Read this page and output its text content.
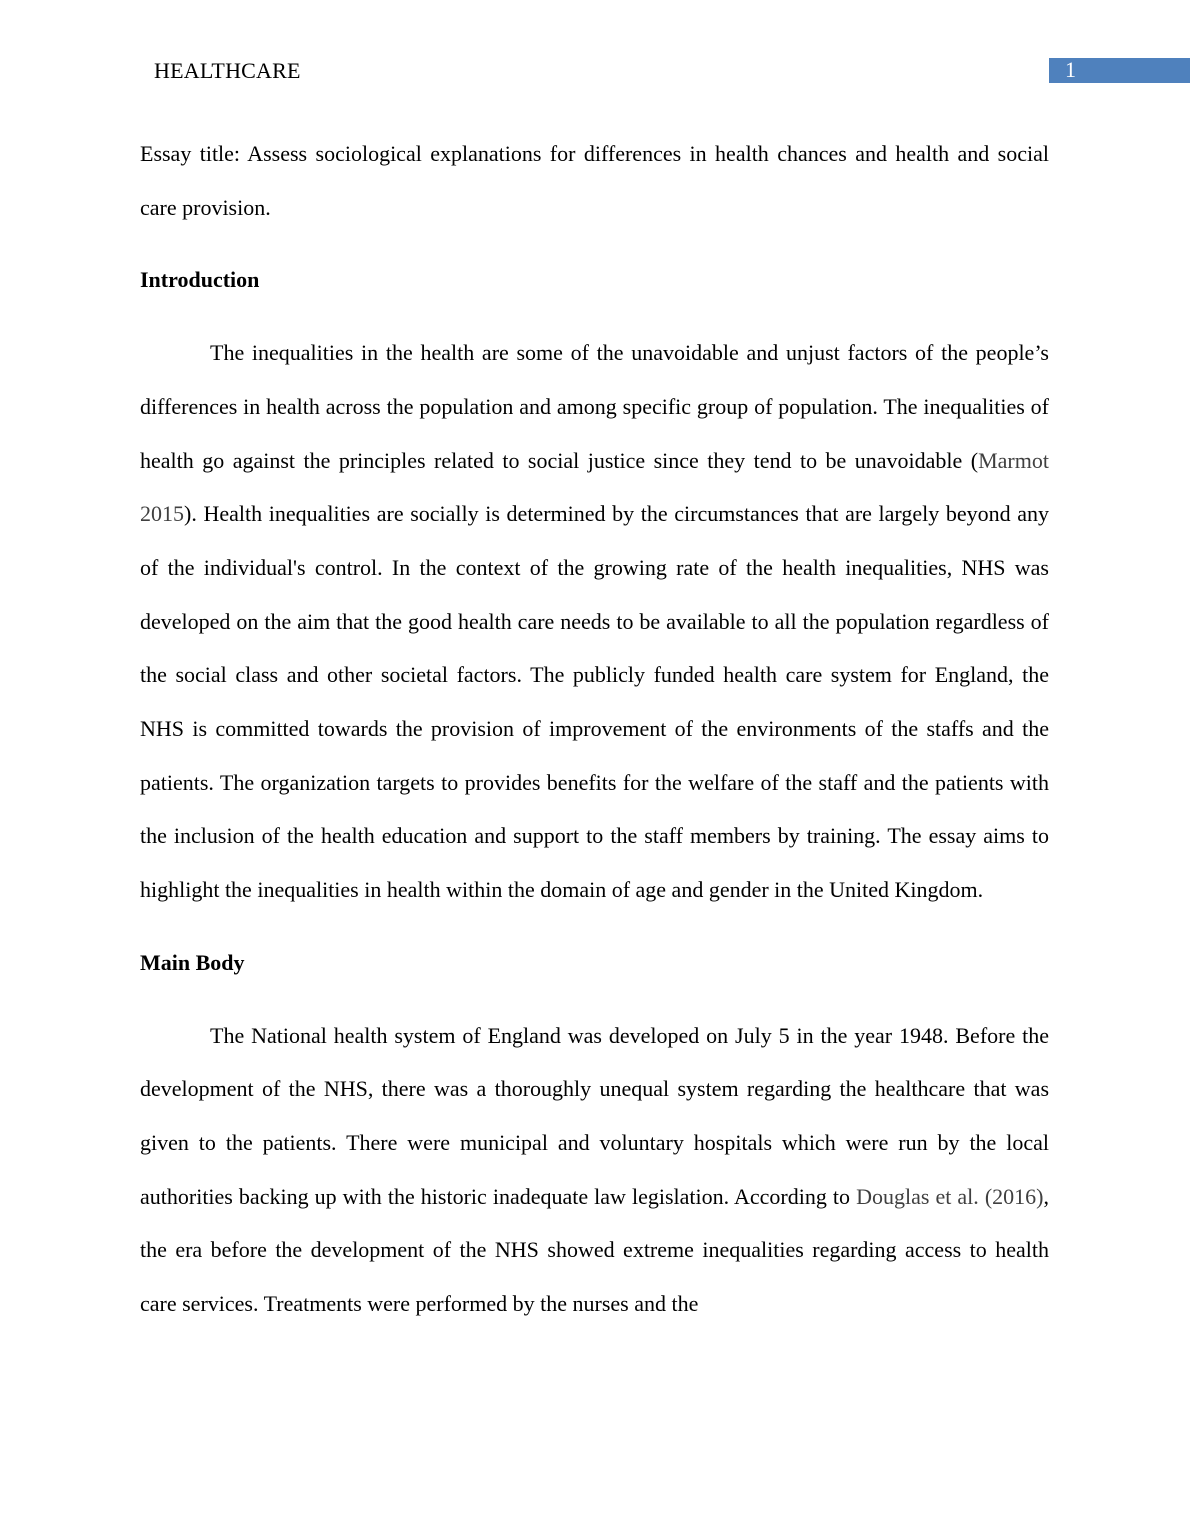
HEALTHCARE	1

Essay title: Assess sociological explanations for differences in health chances and health and social care provision.

Introduction

The inequalities in the health are some of the unavoidable and unjust factors of the people’s differences in health across the population and among specific group of population. The inequalities of health go against the principles related to social justice since they tend to be unavoidable (Marmot 2015). Health inequalities are socially is determined by the circumstances that are largely beyond any of the individual's control. In the context of the growing rate of the health inequalities, NHS was developed on the aim that the good health care needs to be available to all the population regardless of the social class and other societal factors. The publicly funded health care system for England, the NHS is committed towards the provision of improvement of the environments of the staffs and the patients. The organization targets to provides benefits for the welfare of the staff and the patients with the inclusion of the health education and support to the staff members by training. The essay aims to highlight the inequalities in health within the domain of age and gender in the United Kingdom.

Main Body

The National health system of England was developed on July 5 in the year 1948. Before the development of the NHS, there was a thoroughly unequal system regarding the healthcare that was given to the patients. There were municipal and voluntary hospitals which were run by the local authorities backing up with the historic inadequate law legislation. According to Douglas et al. (2016), the era before the development of the NHS showed extreme inequalities regarding access to health care services. Treatments were performed by the nurses and the
